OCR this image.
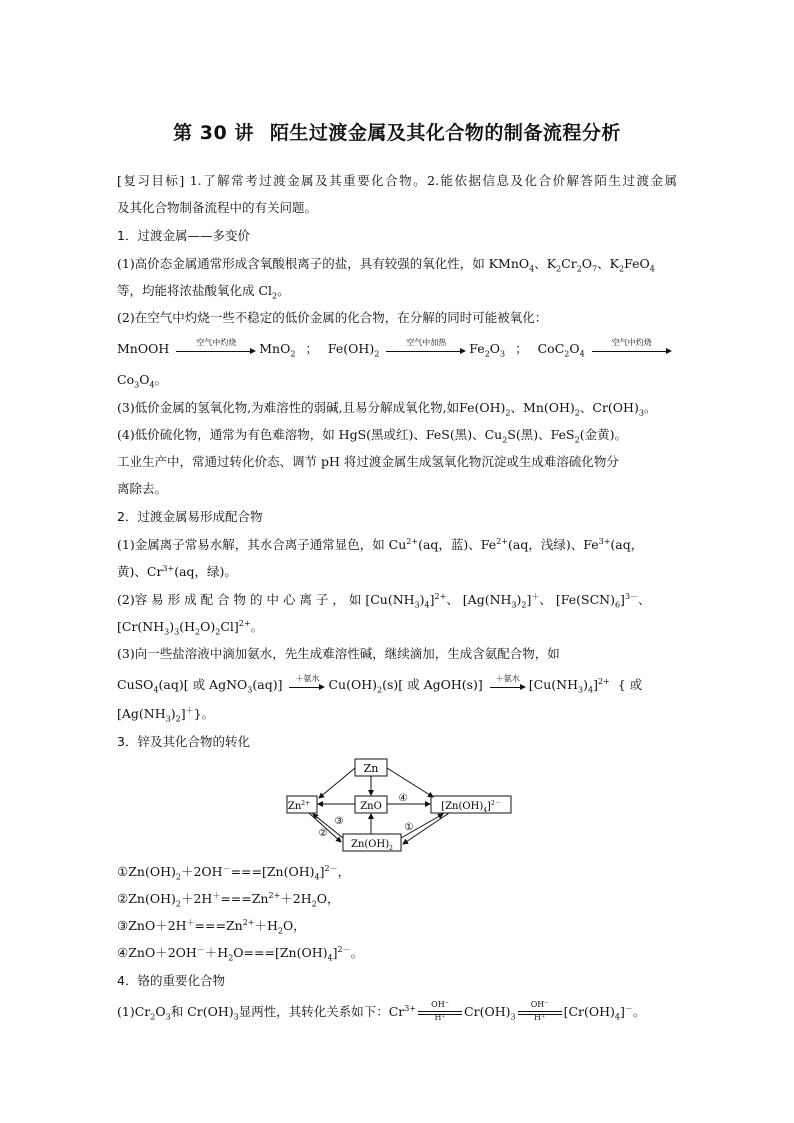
第 30 讲 陌生过渡金属及其化合物的制备流程分析
[复习目标] 1.了解常考过渡金属及其重要化合物。2.能依据信息及化合价解答陌生过渡金属
及其化合物制备流程中的有关问题。
1．过渡金属——多变价
(1)高价态金属通常形成含氧酸根离子的盐，具有较强的氧化性，如 KMnO$_4$、$K_2Cr_2O_7$、$K_2FeO_4$
等，均能将浓盐酸氧化成 $Cl_2$。
(2)在空气中灼烧一些不稳定的低价金属的化合物，在分解的同时可能被氧化：
MnOOH	空气中灼烧	MnO$_2$ ； $Fe(OH)_2$
空气中加热	$Fe_2O_3$ ； $CoC_2O_4$
空气中灼烧
$Co_3O_4$。
(3)低价金属的氢氧化物,为难溶性的弱碱,且易分解成氧化物,如$Fe(OH)_2$、$Mn(OH)_2$、$Cr(OH)_3$。
(4)低价硫化物，通常为有色难溶物，如 HgS(黑或红)、FeS(黑)、$Cu_2S$(黑)、FeS$_2$(金黄)。
工业生产中，常通过转化价态、调节 pH 将过渡金属生成氢氧化物沉淀或生成难溶硫化物分
离除去。
2．过渡金属易形成配合物
(1)金属离子常易水解，其水合离子通常显色，如 $Cu^{2+}(aq$，蓝)、$Fe^{2+}(aq$，浅绿)、$Fe^{3+}(aq$，
黄)、$Cr^{3+}(aq$，绿)。
(2)容 易 形 成 配 合 物 的 中 心 离 子 ， 如 $[Cu(NH_3)_4]^{2+}$、 $[Ag(NH_3)_2]^+$、 $[Fe(SCN)_6]^{3-}$、
$[Cr(NH_3)_3(H_2O)_2Cl]^{2+}$。
(3)向一些盐溶液中滴加氨水，先生成难溶性碱，继续滴加，生成含氨配合物，如
CuSO$_4$(aq)[ 或 AgNO$_3$(aq)]	＋氨水 $Cu(OH)_2(s)$[ 或 AgOH(s)]	＋氨水 $[Cu(NH_3)_4]^{2+}$ { 或
$[Ag(NH_3)_2]^+$}。
3．锌及其化合物的转化
Zn
$Zn^{2+}$	ZnO	$[Zn(OH)_4]^{2-}$
$Zn(OH)_2$
③
④
②
①
$①Zn(OH)_2+2OH^-===[Zn(OH)_4]^{2-}$，
$②Zn(OH)_2+2H^+===Zn^{2+}+2H_2O$，
$③ZnO+2H^+===Zn^{2+}+H_2O$，
$④ZnO+2OH^-+H_2O===[Zn(OH)_4]^{2-}$。
4．铬的重要化合物
$(1)Cr_2O_3$和 $Cr(OH)_3$显两性，其转化关系如下：$Cr^{3+} \frac{OH^-}{H^+} Cr(OH)_3 \frac{OH^-}{H^+} [Cr(OH)_4]^-$。
